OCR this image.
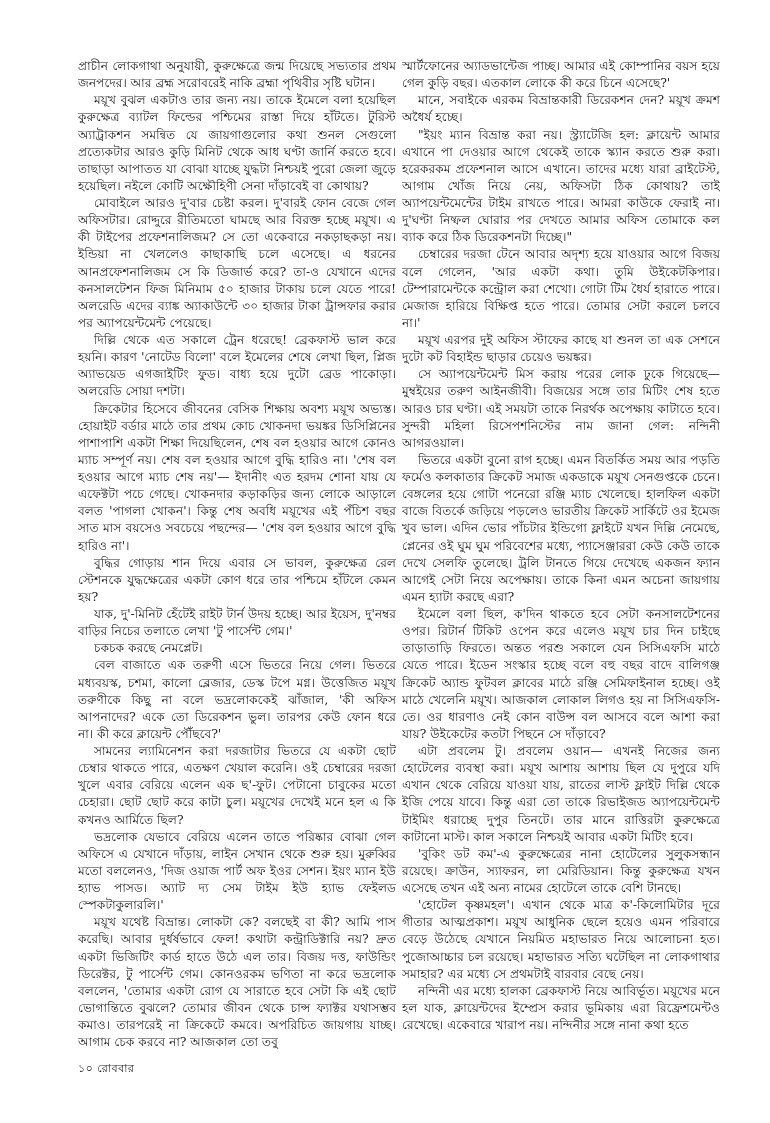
প্রাচীন লোকগাথা অনুযায়ী, কুরুক্ষেত্রে জন্ম দিয়েছে সভ্যতার প্রথম জনপদের। আর ব্রহ্ম সরোবরেই নাকি ব্রহ্মা পৃথিবীর সৃষ্টি ঘটান।

ময়ূখ বুঝল একটাও তার জন্য নয়। তাকে ইমেলে বলা হয়েছিল কুরুক্ষেত্র ব্যাটল ফিল্ডের পশ্চিমের রাস্তা দিয়ে হাঁটতে। টুরিস্ট অ্যাট্রাকশন সমন্বিত যে জায়গাগুলোর কথা শুনল সেগুলো প্রত্যেকটার আরও কুড়ি মিনিট থেকে আধ ঘণ্টা জার্নি করতে হবে। তাছাড়া আপাতত যা বোঝা যাচ্ছে যুদ্ধটা নিশ্চয়ই পুরো জেলা জুড়ে হয়েছিল। নইলে কোটি অক্ষৌহিণী সেনা দাঁড়াবেই বা কোথায়?

মোবাইলে আরও দু'বার চেষ্টা করল। দু'বারই ফোন বেজে গেল অফিসটার। রোদ্দুরে রীতিমতো ঘামছে আর বিরক্ত হচ্ছে ময়ূখ। এ কী টাইপের প্রফেশনালিজম? সে তো একেবারে নকড়াছকড়া নয়। ইন্ডিয়া না খেললেও কাছাকাছি চলে এসেছে। এ ধরনের আনপ্রফেশনালিজম সে কি ডিজার্ভ করে? তা-ও যেখানে এদের কনসালটেশন ফিজ মিনিমাম ৫০ হাজার টাকায় চলে যেতে পারে! অলরেডি এদের ব্যাঙ্ক অ্যাকাউন্টে ৩০ হাজার টাকা ট্রান্সফার করার পর অ্যাপয়েন্টমেন্ট পেয়েছে।

দিল্লি থেকে এত সকালে ট্রেন ধরেছে! ব্রেকফাস্ট ভাল করে হয়নি। কারণ 'নোটেড বিলো' বলে ইমেলের শেষে লেখা ছিল, প্লিজ অ্যাভয়েড এগজাইটিং ফুড। বাধ্য হয়ে দুটো ব্রেড পাকোড়া। অলরেডি সোয়া দশটা।

ক্রিকেটার হিসেবে জীবনের বেসিক শিক্ষায় অবশ্য ময়ূখ অভ্যস্ত। হোয়াইট বর্ডার মাঠে তার প্রথম কোচ খোকনদা ভয়ঙ্কর ডিসিপ্লিনের পাশাপাশি একটা শিক্ষা দিয়েছিলেন, শেষ বল হওয়ার আগে কোনও ম্যাচ সম্পূর্ণ নয়। শেষ বল হওয়ার আগে বুদ্ধি হারিও না। 'শেষ বল হওয়ার আগে ম্যাচ শেষ নয়'— ইদানীং এত হরদম শোনা যায় যে এফেক্টটা পচে গেছে। খোকনদার কড়াকড়ির জন্য লোকে আড়ালে বলত 'পাগলা খোকন'। কিন্তু শেষ অবধি ময়ূখের এই পঁচিশ বছর সাত মাস বয়সেও সবচেয়ে পছন্দের— 'শেষ বল হওয়ার আগে বুদ্ধি হারিও না'।

বুদ্ধির গোড়ায় শান দিয়ে এবার সে ভাবল, কুরুক্ষেত্র রেল স্টেশনকে যুদ্ধক্ষেত্রের একটা কোণ ধরে তার পশ্চিমে হাঁটলে কেমন হয়?

যাক, দু'-মিনিট হেঁটেই রাইট টার্ন উদয় হচ্ছে। আর ইয়েস, দু'নম্বর বাড়ির নিচের তলাতে লেখা 'টু পার্সেন্ট গেম।'

চকচক করছে নেমপ্লেট।

বেল বাজাতে এক তরুণী এসে ভিতরে নিয়ে গেল। ভিতরে মধ্যবয়স্ক, চশমা, কালো ব্লেজার, ডেস্ক টপে মগ্ন। উত্তেজিত ময়ূখ তরুণীকে কিছু না বলে ভদ্রলোককেই ঝাঁজাল, 'কী অফিস আপনাদের? একে তো ডিরেকশন ভুল। তারপর কেউ ফোন ধরে না। কী করে ক্লায়েন্ট পৌঁছবে?'

সামনের ল্যামিনেশন করা দরজাটার ভিতরে যে একটা ছোট চেম্বার থাকতে পারে, এতক্ষণ খেয়াল করেনি। ওই চেম্বারের দরজা খুলে এবার বেরিয়ে এলেন এক ছ'-ফুট। পেটানো চাবুকের মতো চেহারা। ছোট ছোট করে কাটা চুল। ময়ূখের দেখেই মনে হল এ কি কখনও আর্মিতে ছিল?

ভদ্রলোক যেভাবে বেরিয়ে এলেন তাতে পরিষ্কার বোঝা গেল অফিসে এ যেখানে দাঁড়ায়, লাইন সেখান থেকে শুরু হয়। মুরুব্বির মতো বললেনও, 'দিজ ওয়াজ পার্ট অফ ইওর সেশন। ইয়ং ম্যান ইউ হ্যাভ পাসড। অ্যাট দ্য সেম টাইম ইউ হ্যাভ ফেইলড স্পেকটাকুলারলি।'

ময়ূখ যথেষ্ট বিভ্রান্ত। লোকটা কে? বলছেই বা কী? আমি পাস করেছি। আবার দুর্ধর্ষভাবে ফেল! কথাটা কন্ট্রাডিক্টারি নয়? দ্রুত একটা ভিজিটিং কার্ড হাতে উঠে এল তার। বিজয় দত্ত, ফাউন্ডিং ডিরেক্টর, টু পার্সেন্ট গেম। কোনওরকম ভণিতা না করে ভদ্রলোক বললেন, 'তোমার একটা রোগ যে সারাতে হবে সেটা কি এই ছোট ভোগান্তিতে বুঝলে? তোমার জীবন থেকে চান্স ফ্যাক্টর যথাসম্ভব কমাও। তারপরেই না ক্রিকেটে কমবে। অপরিচিত জায়গায় যাচ্ছ। আগাম চেক করবে না? আজকাল তো তবু

স্মার্টফোনের অ্যাডভান্টেজ পাচ্ছ। আমার এই কোম্পানির বয়স হয়ে গেল কুড়ি বছর। এতকাল লোকে কী করে চিনে এসেছে?'

মানে, সবাইকে এরকম বিভ্রান্তকারী ডিরেকশন দেন? ময়ূখ ক্রমশ অধৈর্য হচ্ছে।

"ইয়ং ম্যান বিভ্রান্ত করা নয়। স্ট্র্যাটেজি হল: ক্লায়েন্ট আমার এখানে পা দেওয়ার আগে থেকেই তাকে স্ক্যান করতে শুরু করা। হরেকরকম প্রফেশনাল আসে এখানে। তাদের মধ্যে যারা ব্রাইটেস্ট, আগাম খোঁজ নিয়ে নেয়, অফিসটা ঠিক কোথায়? তাই অ্যাপয়েন্টমেন্টের টাইম রাখতে পারে। আমরা কাউকে ফেরাই না। দু'ঘণ্টা নিষ্ফল ঘোরার পর দেখতে আমার অফিস তোমাকে কল ব্যাক করে ঠিক ডিরেকশনটা দিচ্ছে।"

চেম্বারের দরজা টেনে আবার অদৃশ্য হয়ে যাওয়ার আগে বিজয় বলে গেলেন, 'আর একটা কথা। তুমি উইকেটকিপার। টেম্পারামেন্টকে কন্ট্রোল করা শেখো। গোটা টিম ধৈর্য হারাতে পারে। মেজাজ হারিয়ে বিক্ষিপ্ত হতে পারে। তোমার সেটা করলে চলবে না।'

ময়ূখ এরপর দুই অফিস স্টাফের কাছে যা শুনল তা এক সেশনে দুটো কট বিহাইন্ড ছাড়ার চেয়েও ভয়ঙ্কর।

সে অ্যাপয়েন্টমেন্ট মিস করায় পরের লোক ঢুকে গিয়েছে— মুম্বইয়ের তরুণ আইনজীবী। বিজয়ের সঙ্গে তার মিটিং শেষ হতে আরও চার ঘণ্টা। এই সময়টা তাকে নিরর্থক অপেক্ষায় কাটাতে হবে। সুন্দরী মহিলা রিসেপশনিস্টের নাম জানা গেল: নন্দিনী আগরওয়াল।

ভিতরে একটা বুনো রাগ হচ্ছে। এমন বিতর্কিত সময় আর পড়তি ফর্মেও কলকাতার ক্রিকেট সমাজ একডাকে ময়ূখ সেনগুপ্তকে চেনে। বেঙ্গলের হয়ে গোটা পনেরো রঞ্জি ম্যাচ খেলেছে। হালফিল একটা বাজে বিতর্কে জড়িয়ে পড়লেও ভারতীয় ক্রিকেট সার্কিটে ওর ইমেজ খুব ভাল। এদিন ভোর পাঁচটার ইন্ডিগো ফ্লাইটে যখন দিল্লি নেমেছে, প্লেনের ওই ঘুম ঘুম পরিবেশের মধ্যে, প্যাসেঞ্জাররা কেউ কেউ তাকে দেখে সেলফি তুলেছে। ট্রলি টানতে গিয়ে দেখেছে একজন ফ্যান আগেই সেটা নিয়ে অপেক্ষায়। তাকে কিনা এমন অচেনা জায়গায় এমন হ্যাটা করছে এরা?

ইমেলে বলা ছিল, ক'দিন থাকতে হবে সেটা কনসালটেশনের ওপর। রিটার্ন টিকিট ওপেন করে এলেও ময়ূখ চার দিন চাইছে তাড়াতাড়ি ফিরতে। অন্তত পরশু সকালে যেন সিসিএফসি মাঠে যেতে পারে। ইডেন সংস্কার হচ্ছে বলে বহু বছর বাদে বালিগঞ্জ ক্রিকেট অ্যান্ড ফুটবল ক্লাবের মাঠে রঞ্জি সেমিফাইনাল হচ্ছে। ওই মাঠে খেলেনি ময়ূখ। আজকাল লোকাল লিগও হয় না সিসিএফসি-তে। ওর ধারণাও নেই কোন বাউন্স বল আসবে বলে আশা করা যায়? উইকেটের কতটা পিছনে সে দাঁড়াবে?

এটা প্রবলেম টু। প্রবলেম ওয়ান— এখনই নিজের জন্য হোটেলের ব্যবস্থা করা। ময়ূখ আশায় আশায় ছিল যে দুপুরে যদি এখান থেকে বেরিয়ে যাওয়া যায়, রাতের লাস্ট ফ্লাইট দিল্লি থেকে ইজি পেয়ে যাবে। কিন্তু এরা তো তাকে রিভাইজড অ্যাপয়েন্টমেন্ট টাইমিং ধরাচ্ছে দুপুর তিনটে। তার মানে রাত্তিরটা কুরুক্ষেত্রে কাটানো মাস্ট। কাল সকালে নিশ্চয়ই আবার একটা মিটিং হবে।

'বুকিং ডট কম'-এ কুরুক্ষেত্রের নানা হোটেলের সুলুকসন্ধান রয়েছে। ক্রাউন, স্যাফরন, লা মেরিডিয়ান। কিন্তু কুরুক্ষেত্র যখন এসেছে তখন এই অন্য নামের হোটেলে তাকে বেশি টানছে।

'হোটেল কৃষ্ণমহল'। এখান থেকে মাত্র ক'-কিলোমিটার দূরে গীতার আত্মপ্রকাশ। ময়ূখ আধুনিক ছেলে হয়েও এমন পরিবারে বেড়ে উঠেছে যেখানে নিয়মিত মহাভারত নিয়ে আলোচনা হত। পুজোআচ্চার চল রয়েছে। মহাভারত সত্যি ঘটেছিল না লোকগাথার সমাহার? এর মধ্যে সে প্রথমটাই বারবার বেছে নেয়।

নন্দিনী এর মধ্যে হালকা ব্রেকফাস্ট নিয়ে আবির্ভূত। ময়ূখের মনে হল যাক, ক্লায়েন্টদের ইম্প্রেস করার ভূমিকায় এরা রিফ্রেশমেন্টও রেখেছে। একেবারে খারাপ নয়। নন্দিনীর সঙ্গে নানা কথা হতে

১০ রোববার
